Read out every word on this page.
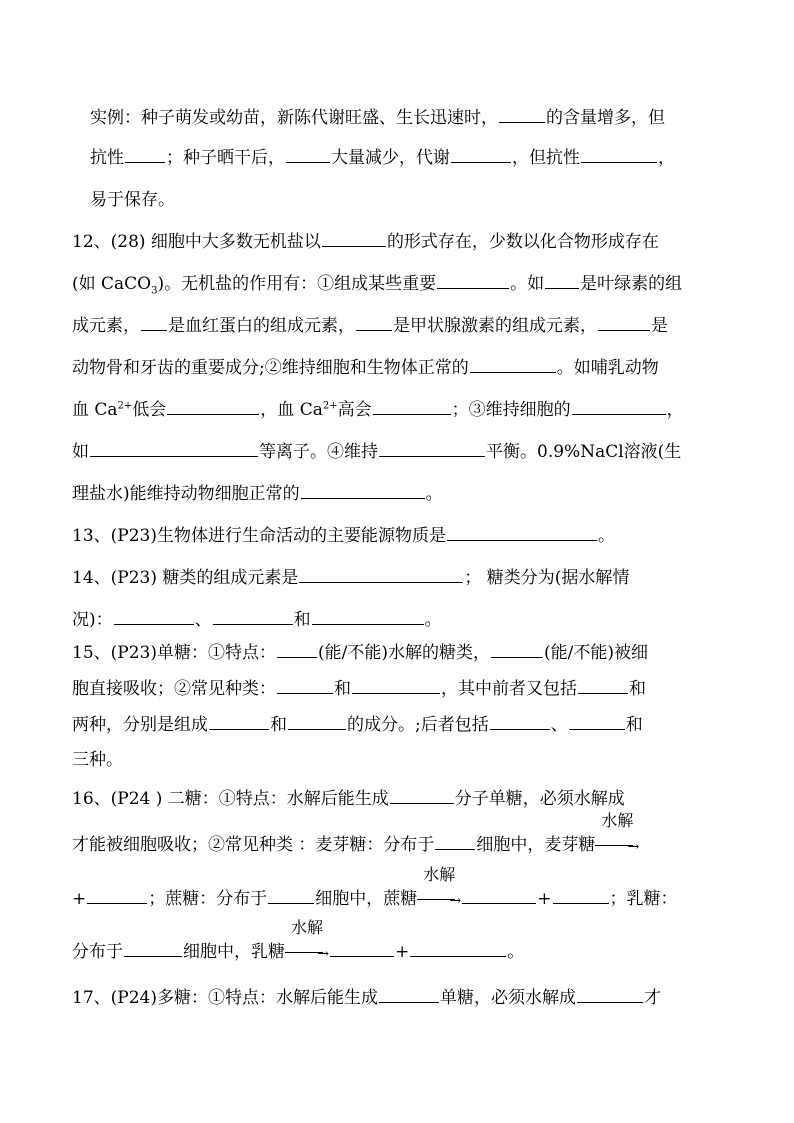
实例：种子萌发或幼苗，新陈代谢旺盛、生长迅速时，	的含量增多，但
抗性 ；种子晒干后，	大量减少，代谢	，但抗性	，
易于保存。
12、(28) 细胞中大多数无机盐以	的形式存在，少数以化合物形成存在
(如 CaCO$_3$)。无机盐的作用有：①组成某些重要	。如 是叶绿素的组
成元素， 是血红蛋白的组成元素， 是甲状腺激素的组成元素，	是
动物骨和牙齿的重要成分;②维持细胞和生物体正常的	。如哺乳动物
血 $Ca^{2+}$低会	，血 $Ca^{2+}$高会	；③维持细胞的	，
如	等离子。④维持	平衡。0.9%NaCl溶液(生
理盐水)能维持动物细胞正常的	。
13、(P23)生物体进行生命活动的主要能源物质是	。
14、(P23) 糖类的组成元素是	； 糖类分为(据水解情
况)：	、	和	。
15、(P23)单糖：①特点： (能/不能)水解的糖类，	(能/不能)被细
胞直接吸收；②常见种类：	和	，其中前者又包括	和
两种，分别是组成	和	的成分。;后者包括	、	和
三种。
16、(P24 ) 二糖：①特点：水解后能生成	分子单糖，必须水解成
才能被细胞吸收；②常见种类 ：麦芽糖：分布于 细胞中，麦芽糖
水解
→
+	；蔗糖：分布于	细胞中，蔗糖
水解
→	+	；乳糖：
分布于	细胞中，乳糖
水解
→	+	。
17、(P24)多糖：①特点：水解后能生成	单糖，必须水解成	才
